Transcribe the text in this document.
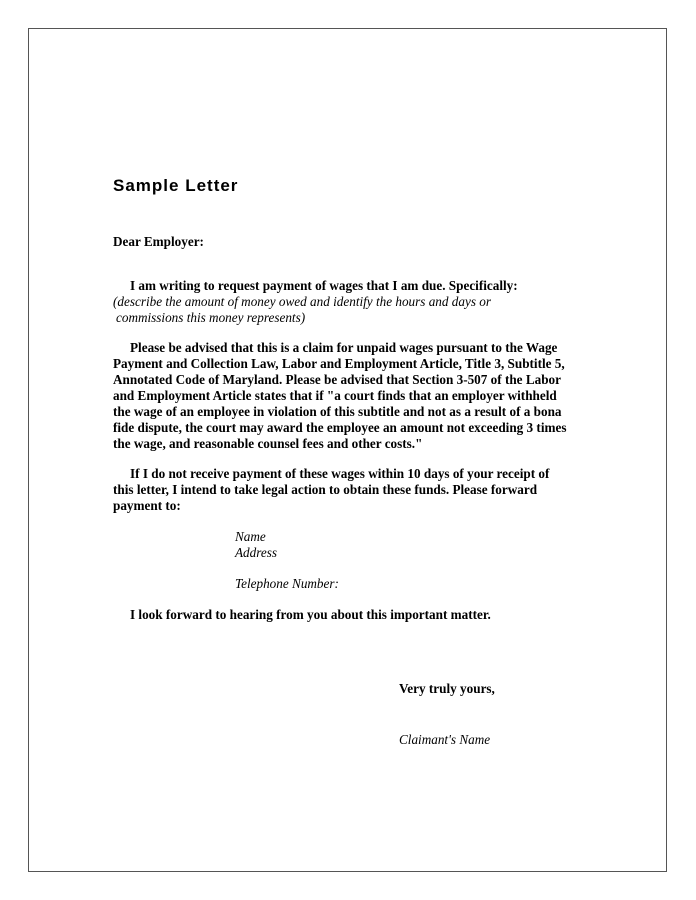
Sample Letter
Dear Employer:
I am writing to request payment of wages that I am due. Specifically:
(describe the amount of money owed and identify the hours and days or
commissions this money represents)
Please be advised that this is a claim for unpaid wages pursuant to the Wage
Payment and Collection Law, Labor and Employment Article, Title 3, Subtitle 5,
Annotated Code of Maryland. Please be advised that Section 3-507 of the Labor
and Employment Article states that if "a court finds that an employer withheld
the wage of an employee in violation of this subtitle and not as a result of a bona
fide dispute, the court may award the employee an amount not exceeding 3 times
the wage, and reasonable counsel fees and other costs."
If I do not receive payment of these wages within 10 days of your receipt of
this letter, I intend to take legal action to obtain these funds. Please forward
payment to:
Name
Address
Telephone Number:
I look forward to hearing from you about this important matter.
Very truly yours,
Claimant's Name
